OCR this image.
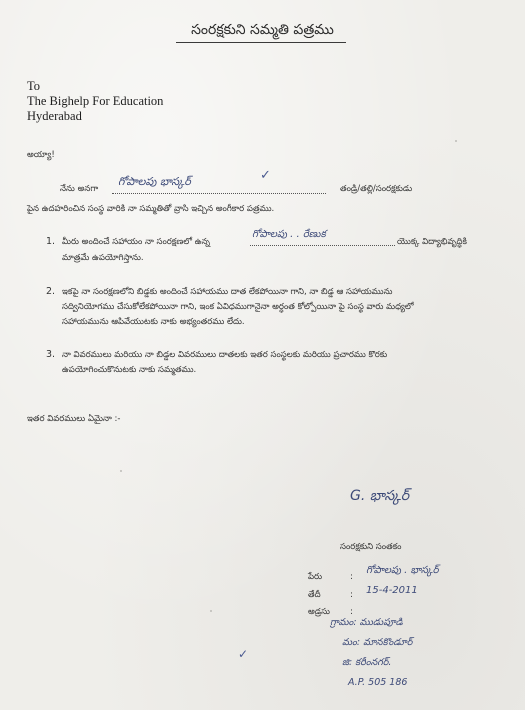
సంరక్షకుని సమ్మతి పత్రము
To
The Bighelp For Education
Hyderabad
అయ్యా!
నేను అనగా
గోపాలపు భాస్కర్	✓
తండ్రి/తల్లి/సంరక్షకుడు
పైన ఉదహరించిన సంస్థ వారికి నా సమ్మతితో వ్రాసి ఇచ్చిన అంగీకార పత్రము.
1. మీరు అందించే సహాయం నా సంరక్షణలో ఉన్న
గోపాలపు . . రేణుక
యొక్క విద్యాభివృద్ధికి
మాత్రమే ఉపయోగిస్తాను.
2. ఇకపై నా సంరక్షణలోని బిడ్డకు అందించే సహాయము దాత లేకపోయినా గాని, నా బిడ్డ ఆ సహాయమును
సద్వినియోగము చేసుకోలేకపోయినా గాని, ఇంక ఏవిధముగానైనా అర్ధంత కోల్పోయినా పై సంస్థ వారు మధ్యలో
సహాయమును ఆపివేయుటకు నాకు అభ్యంతరము లేదు.
3. నా వివరములు మరియు నా బిడ్డల వివరములు దాతలకు ఇతర సంస్థలకు మరియు ప్రచారము కొరకు
ఉపయోగించుకొనుటకు నాకు సమ్మతము.
ఇతర వివరములు ఏమైనా :-
G. భాస్కర్
సంరక్షకుని సంతకం
పేరు	:
గోపాలపు . భాస్కర్
తేదీ	: 15-4-2011
అడ్రసు :
గ్రామం: ముడుపూడి
మం: మానకొండూర్
జి: కరీంనగర్.
A.P. 505 186
✓
